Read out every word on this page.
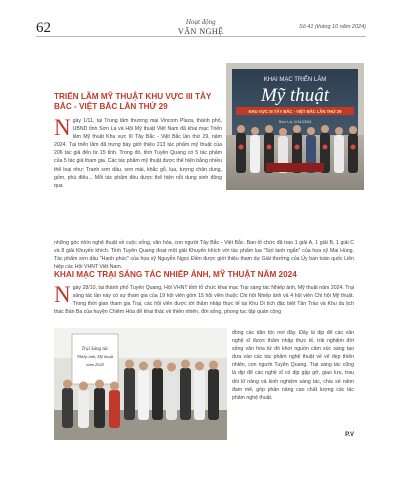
62	Hoạt động
VĂN NGHỆ	Số 41 (tháng 10 năm 2024)
TRIỂN LÃM MỸ THUẬT KHU VỰC III TÂY BẮC - VIỆT BẮC LẦN THỨ 29
Ngày 1/11, tại Trung tâm thương mại Vincom Plaza, thành phố, UBND tỉnh Sơn La và Hội Mỹ thuật Việt Nam đã khai mạc Triển lãm Mỹ thuật Khu vực III Tây Bắc - Việt Bắc lần thứ 29, năm 2024. Tại triển lãm đã trưng bày giới thiệu 213 tác phẩm mỹ thuật của 206 tác giả đến từ 15 tỉnh. Trong đó, tỉnh Tuyên Quang có 5 tác phẩm của 5 tác giả tham gia. Các tác phẩm mỹ thuật được thể hiện bằng nhiều thể loại như: Tranh sơn dầu, sơn mài, khắc gỗ, lụa, tượng chân dung, gốm, phù điêu... Mỗi tác phẩm đều được thể hiện nỗi dung sinh động qua
KHAI MẠC TRIỂN LÃM
Mỹ thuật
KHU VỰC III TÂY BẮC - VIỆT BẮC LẦN THỨ 29
Sơn La, 1/11/2024
những góc nhìn nghệ thuật về cuộc sống, văn hóa, con người Tây Bắc - Việt Bắc. Ban tổ chức đã trao 1 giải A, 1 giải B, 1 giải C và 8 giải Khuyến khích. Tỉnh Tuyên Quang đoạt một giải Khuyến khích với tác phẩm lụa "Sợi lanh ngắn" của họa sỹ Mai Hùng. Tác phẩm sơn dầu "Hạnh phúc" của họa sỹ Nguyễn Ngọc Điền được giới thiệu tham dự Giải thưởng của Ủy ban toàn quốc Liên hiệp các Hội VHNT Việt Nam.
KHAI MẠC TRẠI SÁNG TÁC NHIẾP ẢNH, MỸ THUẬT NĂM 2024
Ngày 28/10, tại thành phố Tuyên Quang, Hội VHNT tỉnh tổ chức khai mạc Trại sáng tác Nhiếp ảnh, Mỹ thuật năm 2024. Trại sáng tác lần này có sự tham gia của 19 hội viên gồm 15 hội viên thuộc Chi hội Nhiếp ảnh và 4 hội viên Chi hội Mỹ thuật. Trong thời gian tham gia Trại, các hội viên được tới thăm nhập thực tế tại Khu Di tích đặc biệt Tân Trào và Khu du lịch thác Bản Ba của huyện Chiêm Hóa để khai thác về thiên nhiên, đời sống, phong tục tập quán cộng
Trại Sáng tác
Nhiếp ảnh, Mỹ thuật
năm 2024
đồng các dân tộc nơi đây. Đây là dịp để các văn nghệ sĩ được thâm nhập thực tế, trải nghiệm đời sống văn hóa từ đó khơi nguồn cảm xúc sáng tạo đưa vào các tác phẩm nghệ thuật về vẻ đẹp thiên nhiên, con người Tuyên Quang. Trại sáng tác cũng là dịp để các nghệ sĩ có dịp gặp gỡ, giao lưu, trau dồi kĩ năng và kinh nghiệm sáng tác, chia sẻ niềm đam mê, góp phần nâng cao chất lượng các tác phẩm nghệ thuật.
P.V
